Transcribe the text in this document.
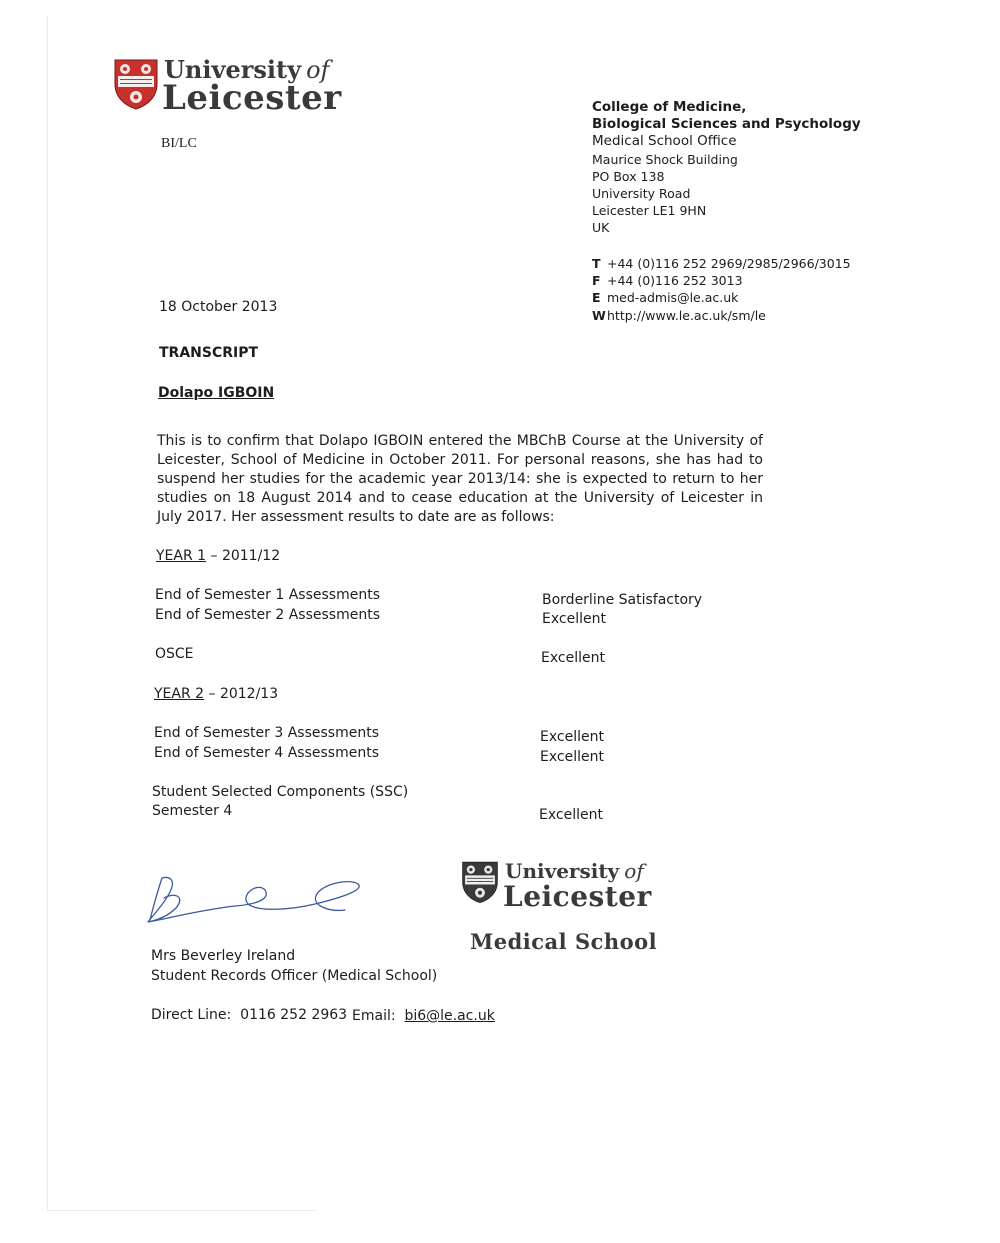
University of
Leicester
BI/LC
College of Medicine,
Biological Sciences and Psychology
Medical School Office
Maurice Shock Building
PO Box 138
University Road
Leicester LE1 9HN
UK
T +44 (0)116 252 2969/2985/2966/3015
F +44 (0)116 252 3013
E med-admis@le.ac.uk
Whttp://www.le.ac.uk/sm/le
18 October 2013
TRANSCRIPT
Dolapo IGBOIN
This is to confirm that Dolapo IGBOIN entered the MBChB Course at the University of Leicester, School of Medicine in October 2011. For personal reasons, she has had to suspend her studies for the academic year 2013/14: she is expected to return to her studies on 18 August 2014 and to cease education at the University of Leicester in July 2017. Her assessment results to date are as follows:
YEAR 1 – 2011/12
End of Semester 1 Assessments	Borderline Satisfactory
End of Semester 2 Assessments	Excellent
OSCE	Excellent
YEAR 2 – 2012/13
End of Semester 3 Assessments	Excellent
End of Semester 4 Assessments	Excellent
Student Selected Components (SSC)
Semester 4	Excellent
Mrs Beverley Ireland
Student Records Officer (Medical School)
Direct Line: 0116 252 2963 Email: bi6@le.ac.uk
University of
Leicester
Medical School
